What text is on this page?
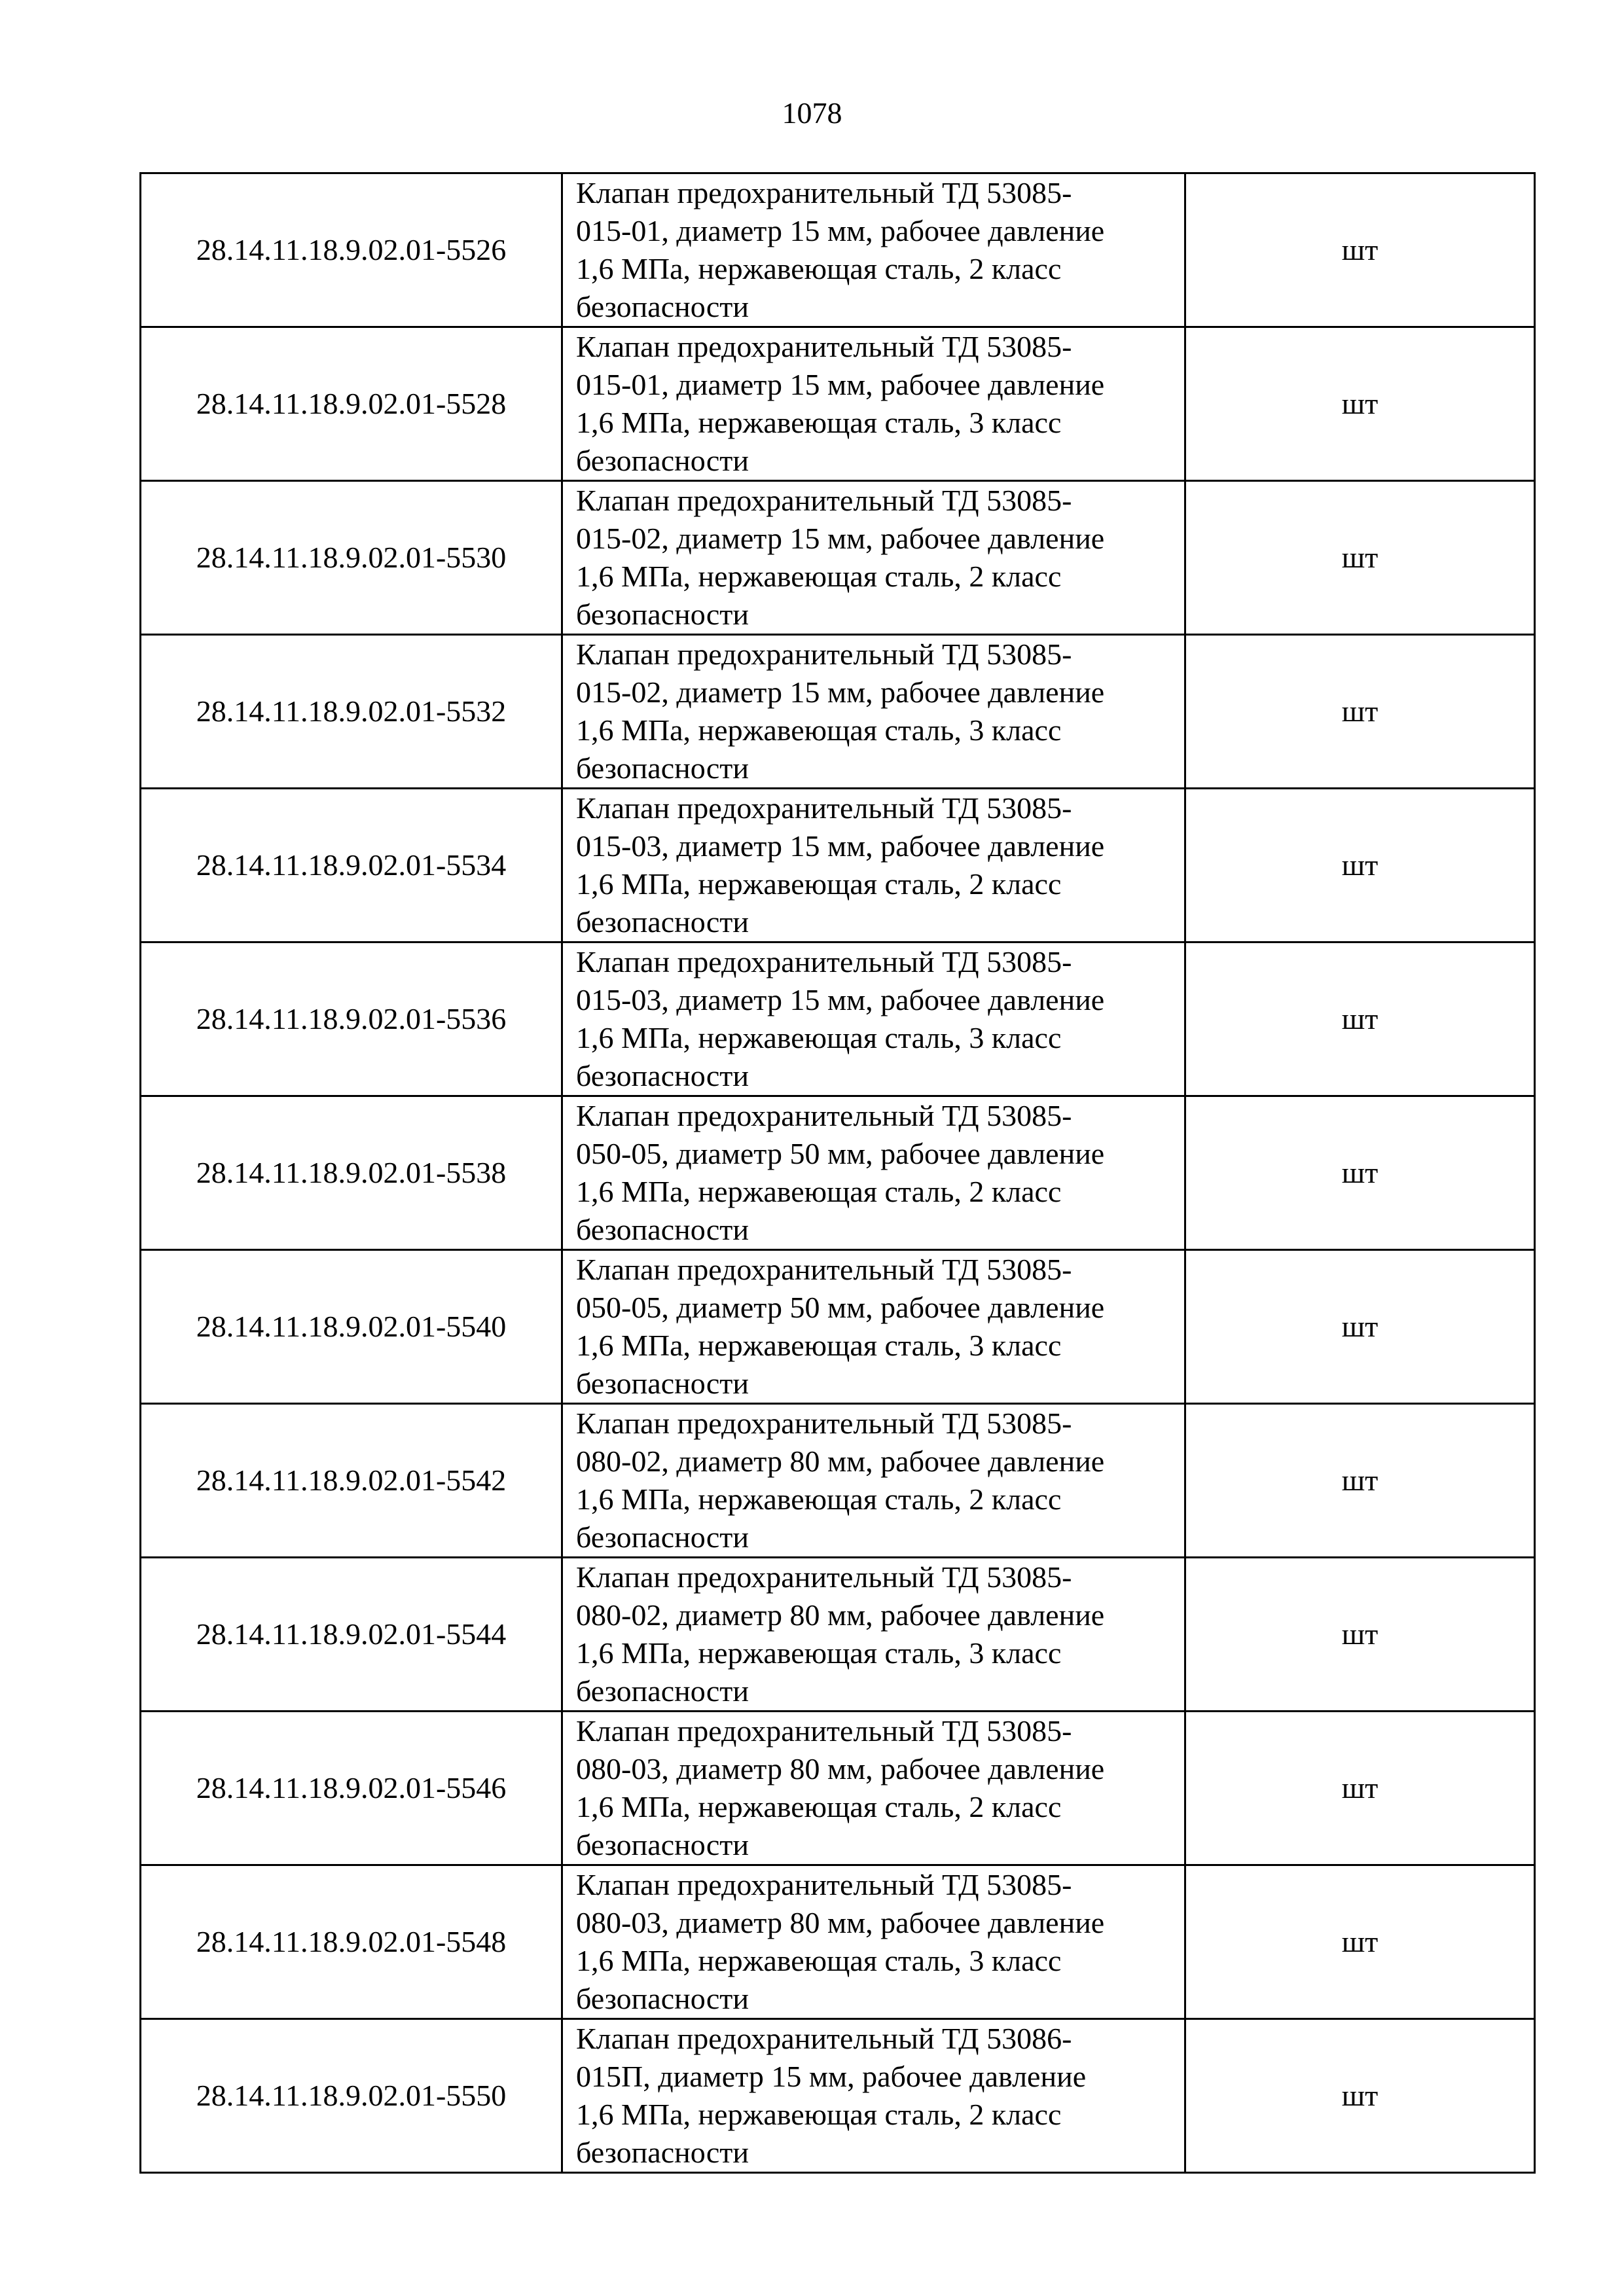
1078
28.14.11.18.9.02.01-5526	Клапан предохранительный ТД 53085-
015-01, диаметр 15 мм, рабочее давление
1,6 МПа, нержавеющая сталь, 2 класс
безопасности	шт
28.14.11.18.9.02.01-5528	Клапан предохранительный ТД 53085-
015-01, диаметр 15 мм, рабочее давление
1,6 МПа, нержавеющая сталь, 3 класс
безопасности	шт
28.14.11.18.9.02.01-5530	Клапан предохранительный ТД 53085-
015-02, диаметр 15 мм, рабочее давление
1,6 МПа, нержавеющая сталь, 2 класс
безопасности	шт
28.14.11.18.9.02.01-5532	Клапан предохранительный ТД 53085-
015-02, диаметр 15 мм, рабочее давление
1,6 МПа, нержавеющая сталь, 3 класс
безопасности	шт
28.14.11.18.9.02.01-5534	Клапан предохранительный ТД 53085-
015-03, диаметр 15 мм, рабочее давление
1,6 МПа, нержавеющая сталь, 2 класс
безопасности	шт
28.14.11.18.9.02.01-5536	Клапан предохранительный ТД 53085-
015-03, диаметр 15 мм, рабочее давление
1,6 МПа, нержавеющая сталь, 3 класс
безопасности	шт
28.14.11.18.9.02.01-5538	Клапан предохранительный ТД 53085-
050-05, диаметр 50 мм, рабочее давление
1,6 МПа, нержавеющая сталь, 2 класс
безопасности	шт
28.14.11.18.9.02.01-5540	Клапан предохранительный ТД 53085-
050-05, диаметр 50 мм, рабочее давление
1,6 МПа, нержавеющая сталь, 3 класс
безопасности	шт
28.14.11.18.9.02.01-5542	Клапан предохранительный ТД 53085-
080-02, диаметр 80 мм, рабочее давление
1,6 МПа, нержавеющая сталь, 2 класс
безопасности	шт
28.14.11.18.9.02.01-5544	Клапан предохранительный ТД 53085-
080-02, диаметр 80 мм, рабочее давление
1,6 МПа, нержавеющая сталь, 3 класс
безопасности	шт
28.14.11.18.9.02.01-5546	Клапан предохранительный ТД 53085-
080-03, диаметр 80 мм, рабочее давление
1,6 МПа, нержавеющая сталь, 2 класс
безопасности	шт
28.14.11.18.9.02.01-5548	Клапан предохранительный ТД 53085-
080-03, диаметр 80 мм, рабочее давление
1,6 МПа, нержавеющая сталь, 3 класс
безопасности	шт
28.14.11.18.9.02.01-5550	Клапан предохранительный ТД 53086-
015П, диаметр 15 мм, рабочее давление
1,6 МПа, нержавеющая сталь, 2 класс
безопасности	шт
